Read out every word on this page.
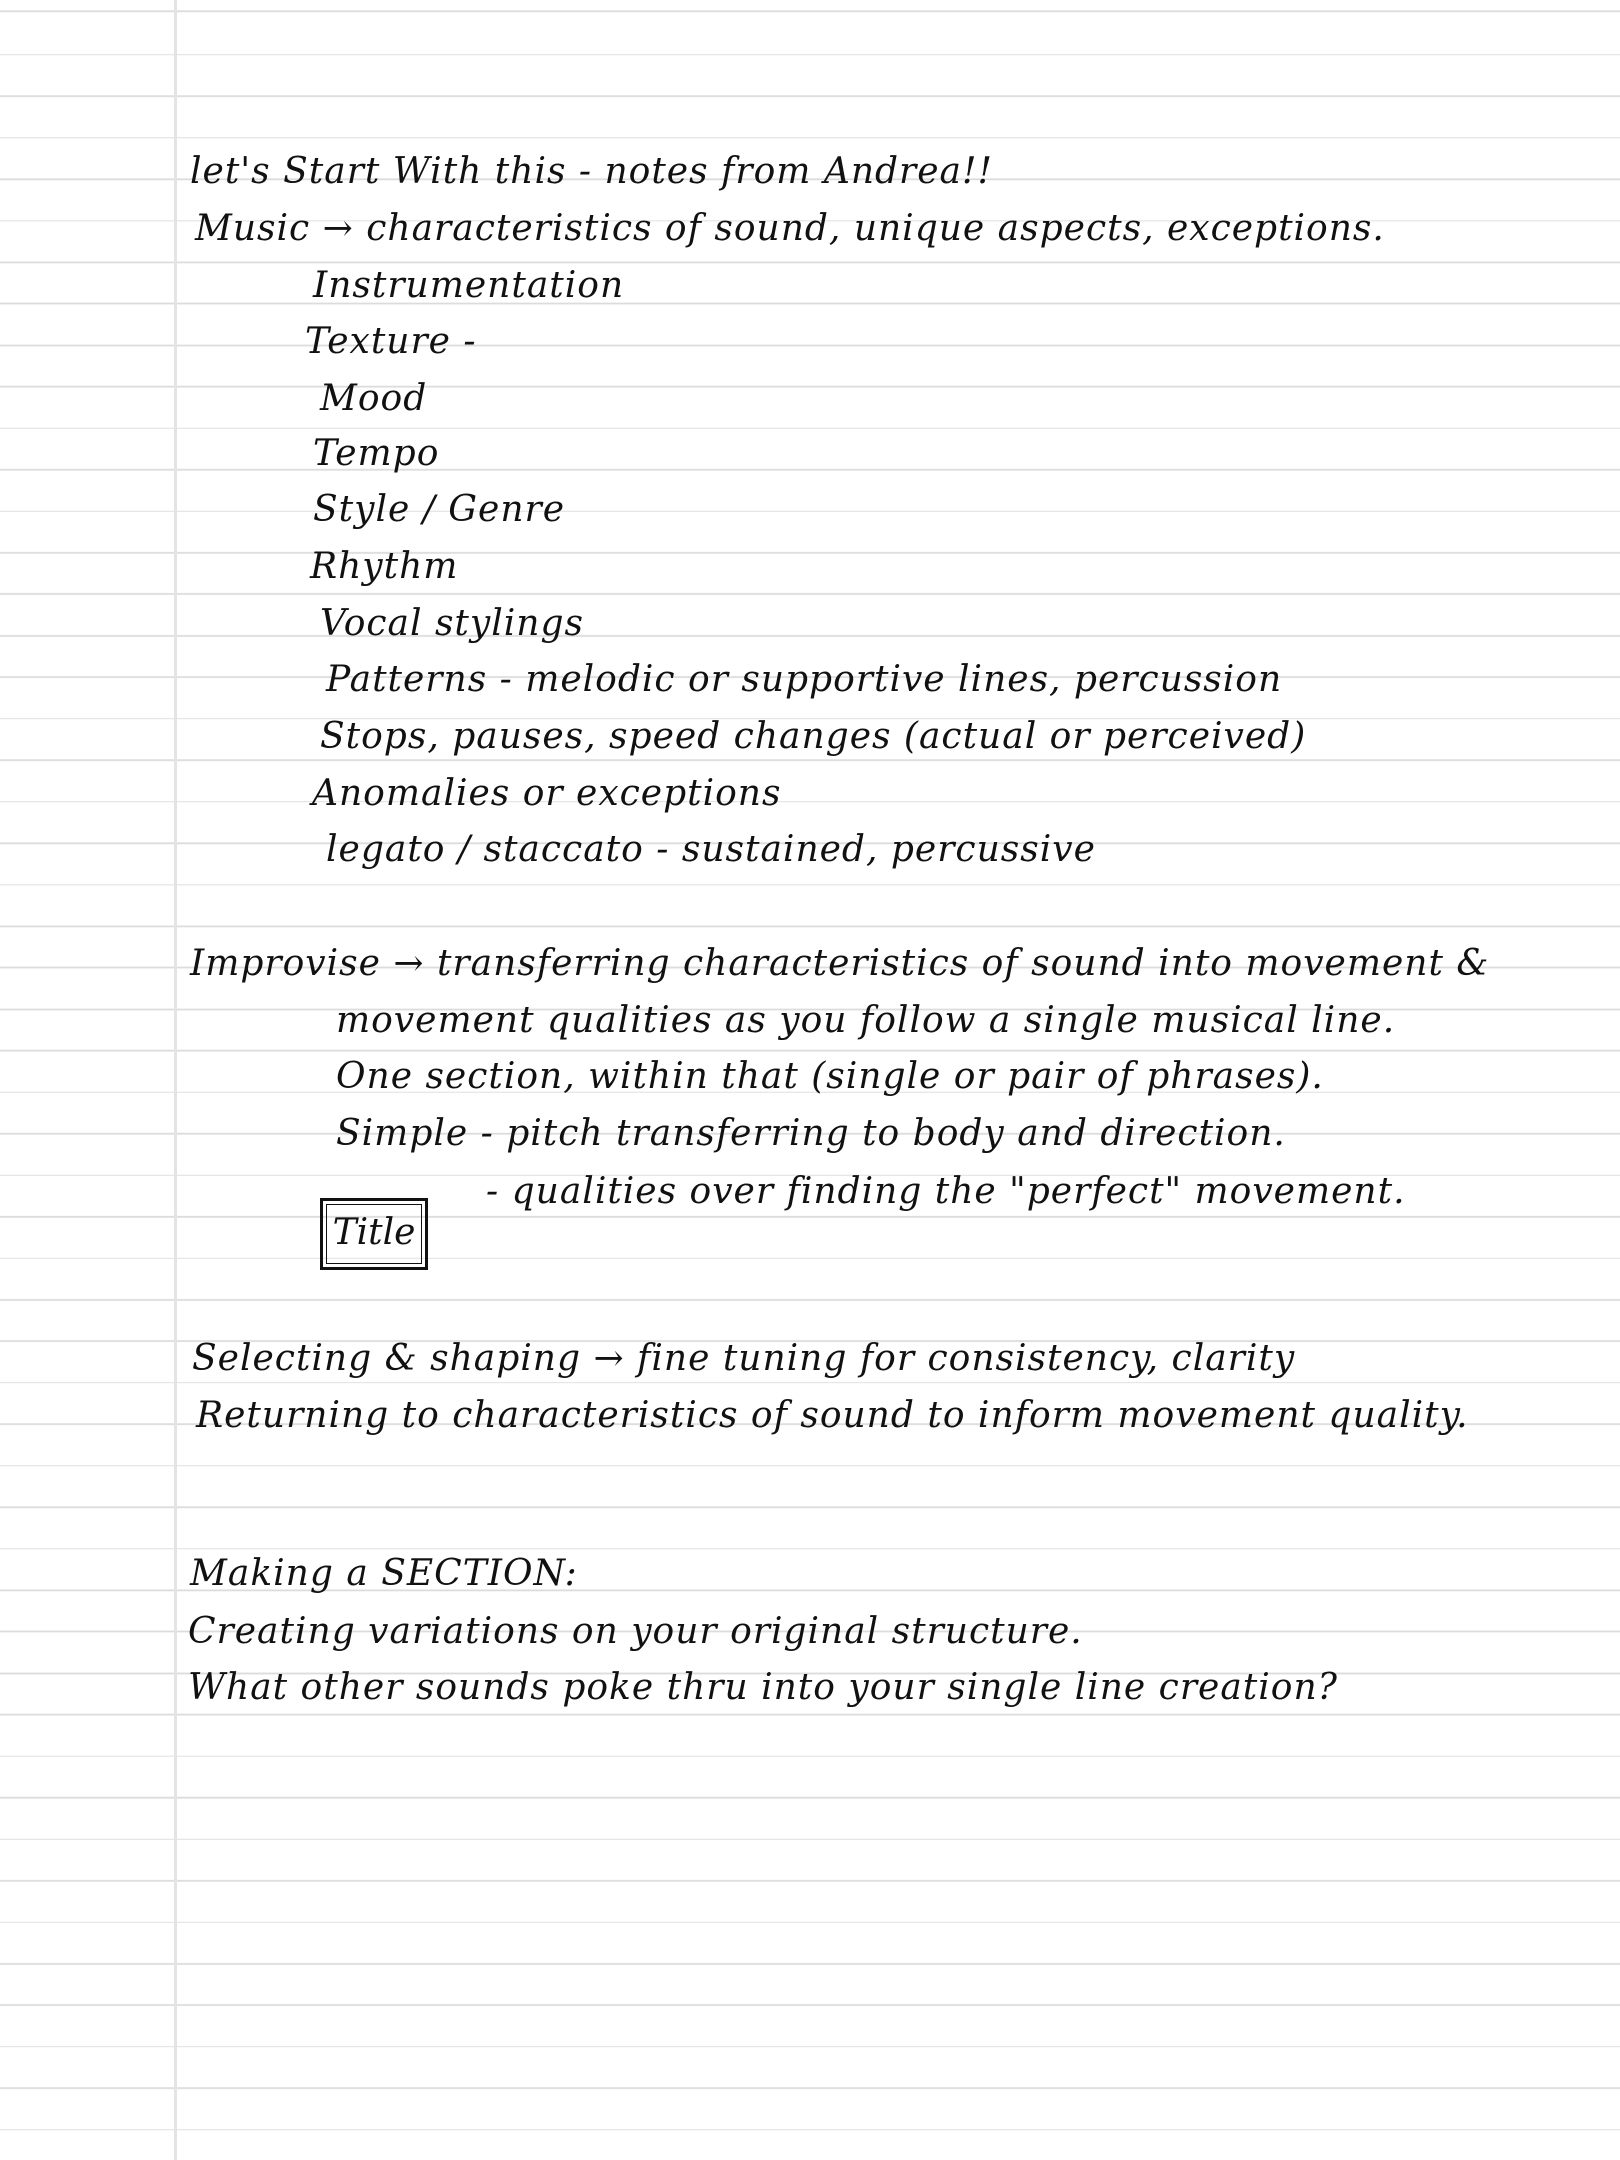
let's Start With this - notes from Andrea!!
Music → characteristics of sound, unique aspects, exceptions.
Instrumentation
Texture -
Mood
Tempo
Style / Genre
Rhythm
Vocal stylings
Patterns - melodic or supportive lines, percussion
Stops, pauses, speed changes (actual or perceived)
Anomalies or exceptions
legato / staccato - sustained, percussive
Improvise → transferring characteristics of sound into movement &
movement qualities as you follow a single musical line.
One section, within that (single or pair of phrases).
Simple - pitch transferring to body and direction.
- qualities over finding the "perfect" movement.
Title
Selecting & shaping → fine tuning for consistency, clarity
Returning to characteristics of sound to inform movement quality.
Making a SECTION:
Creating variations on your original structure.
What other sounds poke thru into your single line creation?
